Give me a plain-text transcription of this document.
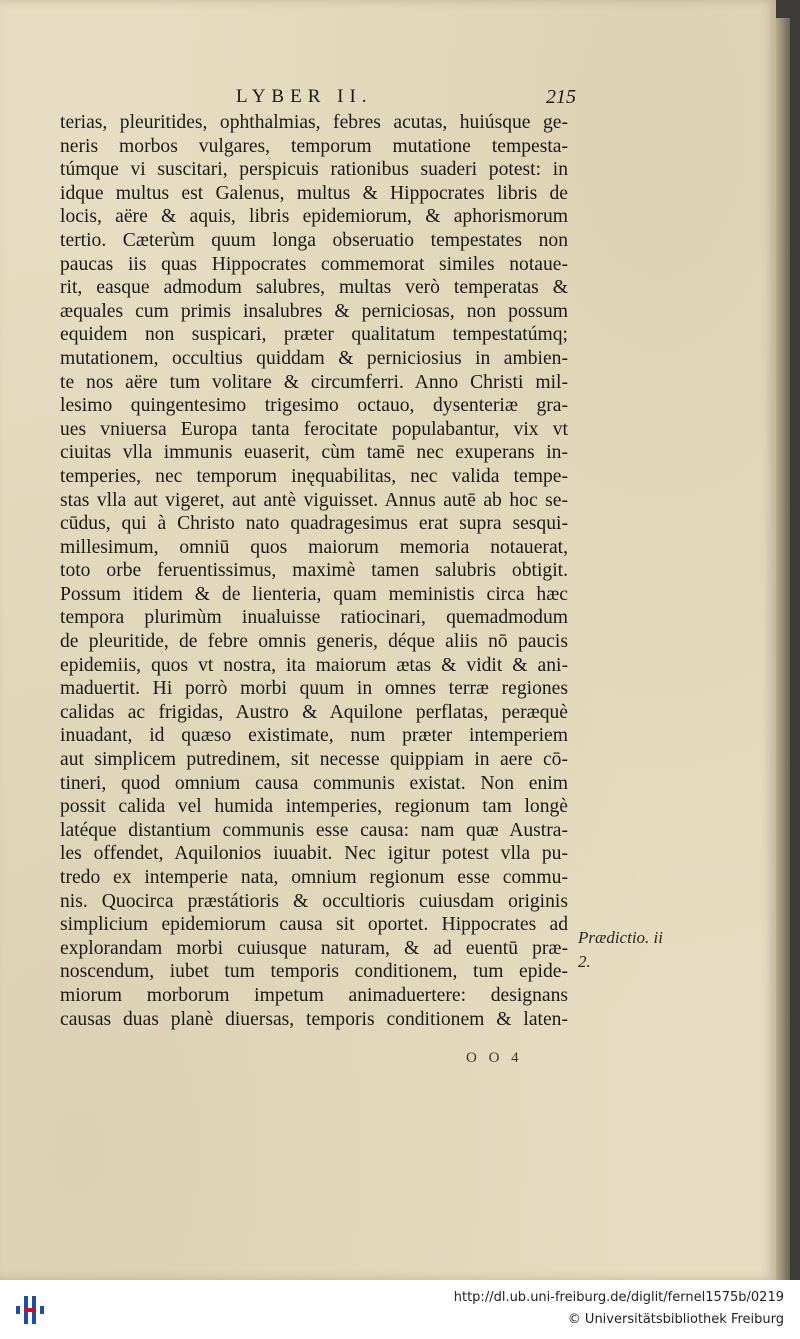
LYBER II.	215
terias, pleuritides, ophthalmias, febres acutas, huiúsque ge-
neris morbos vulgares, temporum mutatione tempesta-
túmque vi suscitari, perspicuis rationibus suaderi potest: in
idque multus est Galenus, multus & Hippocrates libris de
locis, aëre & aquis, libris epidemiorum, & aphorismorum
tertio. Cæterùm quum longa obseruatio tempestates non
paucas iis quas Hippocrates commemorat similes notaue-
rit, easque admodum salubres, multas verò temperatas &
æquales cum primis insalubres & perniciosas, non possum
equidem non suspicari, præter qualitatum tempestatúmq;
mutationem, occultius quiddam & perniciosius in ambien-
te nos aëre tum volitare & circumferri. Anno Christi mil-
lesimo quingentesimo trigesimo octauo, dysenteriæ gra-
ues vniuersa Europa tanta ferocitate populabantur, vix vt
ciuitas vlla immunis euaserit, cùm tamē nec exuperans in-
temperies, nec temporum inęquabilitas, nec valida tempe-
stas vlla aut vigeret, aut antè viguisset. Annus autē ab hoc se-
cūdus, qui à Christo nato quadragesimus erat supra sesqui-
millesimum, omniū quos maiorum memoria notauerat,
toto orbe feruentissimus, maximè tamen salubris obtigit.
Possum itidem & de lienteria, quam meministis circa hæc
tempora plurimùm inualuisse ratiocinari, quemadmodum
de pleuritide, de febre omnis generis, déque aliis nō paucis
epidemiis, quos vt nostra, ita maiorum ætas & vidit & ani-
maduertit. Hi porrò morbi quum in omnes terræ regiones
calidas ac frigidas, Austro & Aquilone perflatas, peræquè
inuadant, id quæso existimate, num præter intemperiem
aut simplicem putredinem, sit necesse quippiam in aere cō-
tineri, quod omnium causa communis existat. Non enim
possit calida vel humida intemperies, regionum tam longè
latéque distantium communis esse causa: nam quæ Austra-
les offendet, Aquilonios iuuabit. Nec igitur potest vlla pu-
tredo ex intemperie nata, omnium regionum esse commu-
nis. Quocirca præstátioris & occultioris cuiusdam originis
simplicium epidemiorum causa sit oportet. Hippocrates ad
explorandam morbi cuiusque naturam, & ad euentū præ-
noscendum, iubet tum temporis conditionem, tum epide-
miorum morborum impetum animaduertere: designans
causas duas planè diuersas, temporis conditionem & laten-
Prædictio. ii
2.
O O 4
http://dl.ub.uni-freiburg.de/diglit/fernel1575b/0219
© Universitätsbibliothek Freiburg
